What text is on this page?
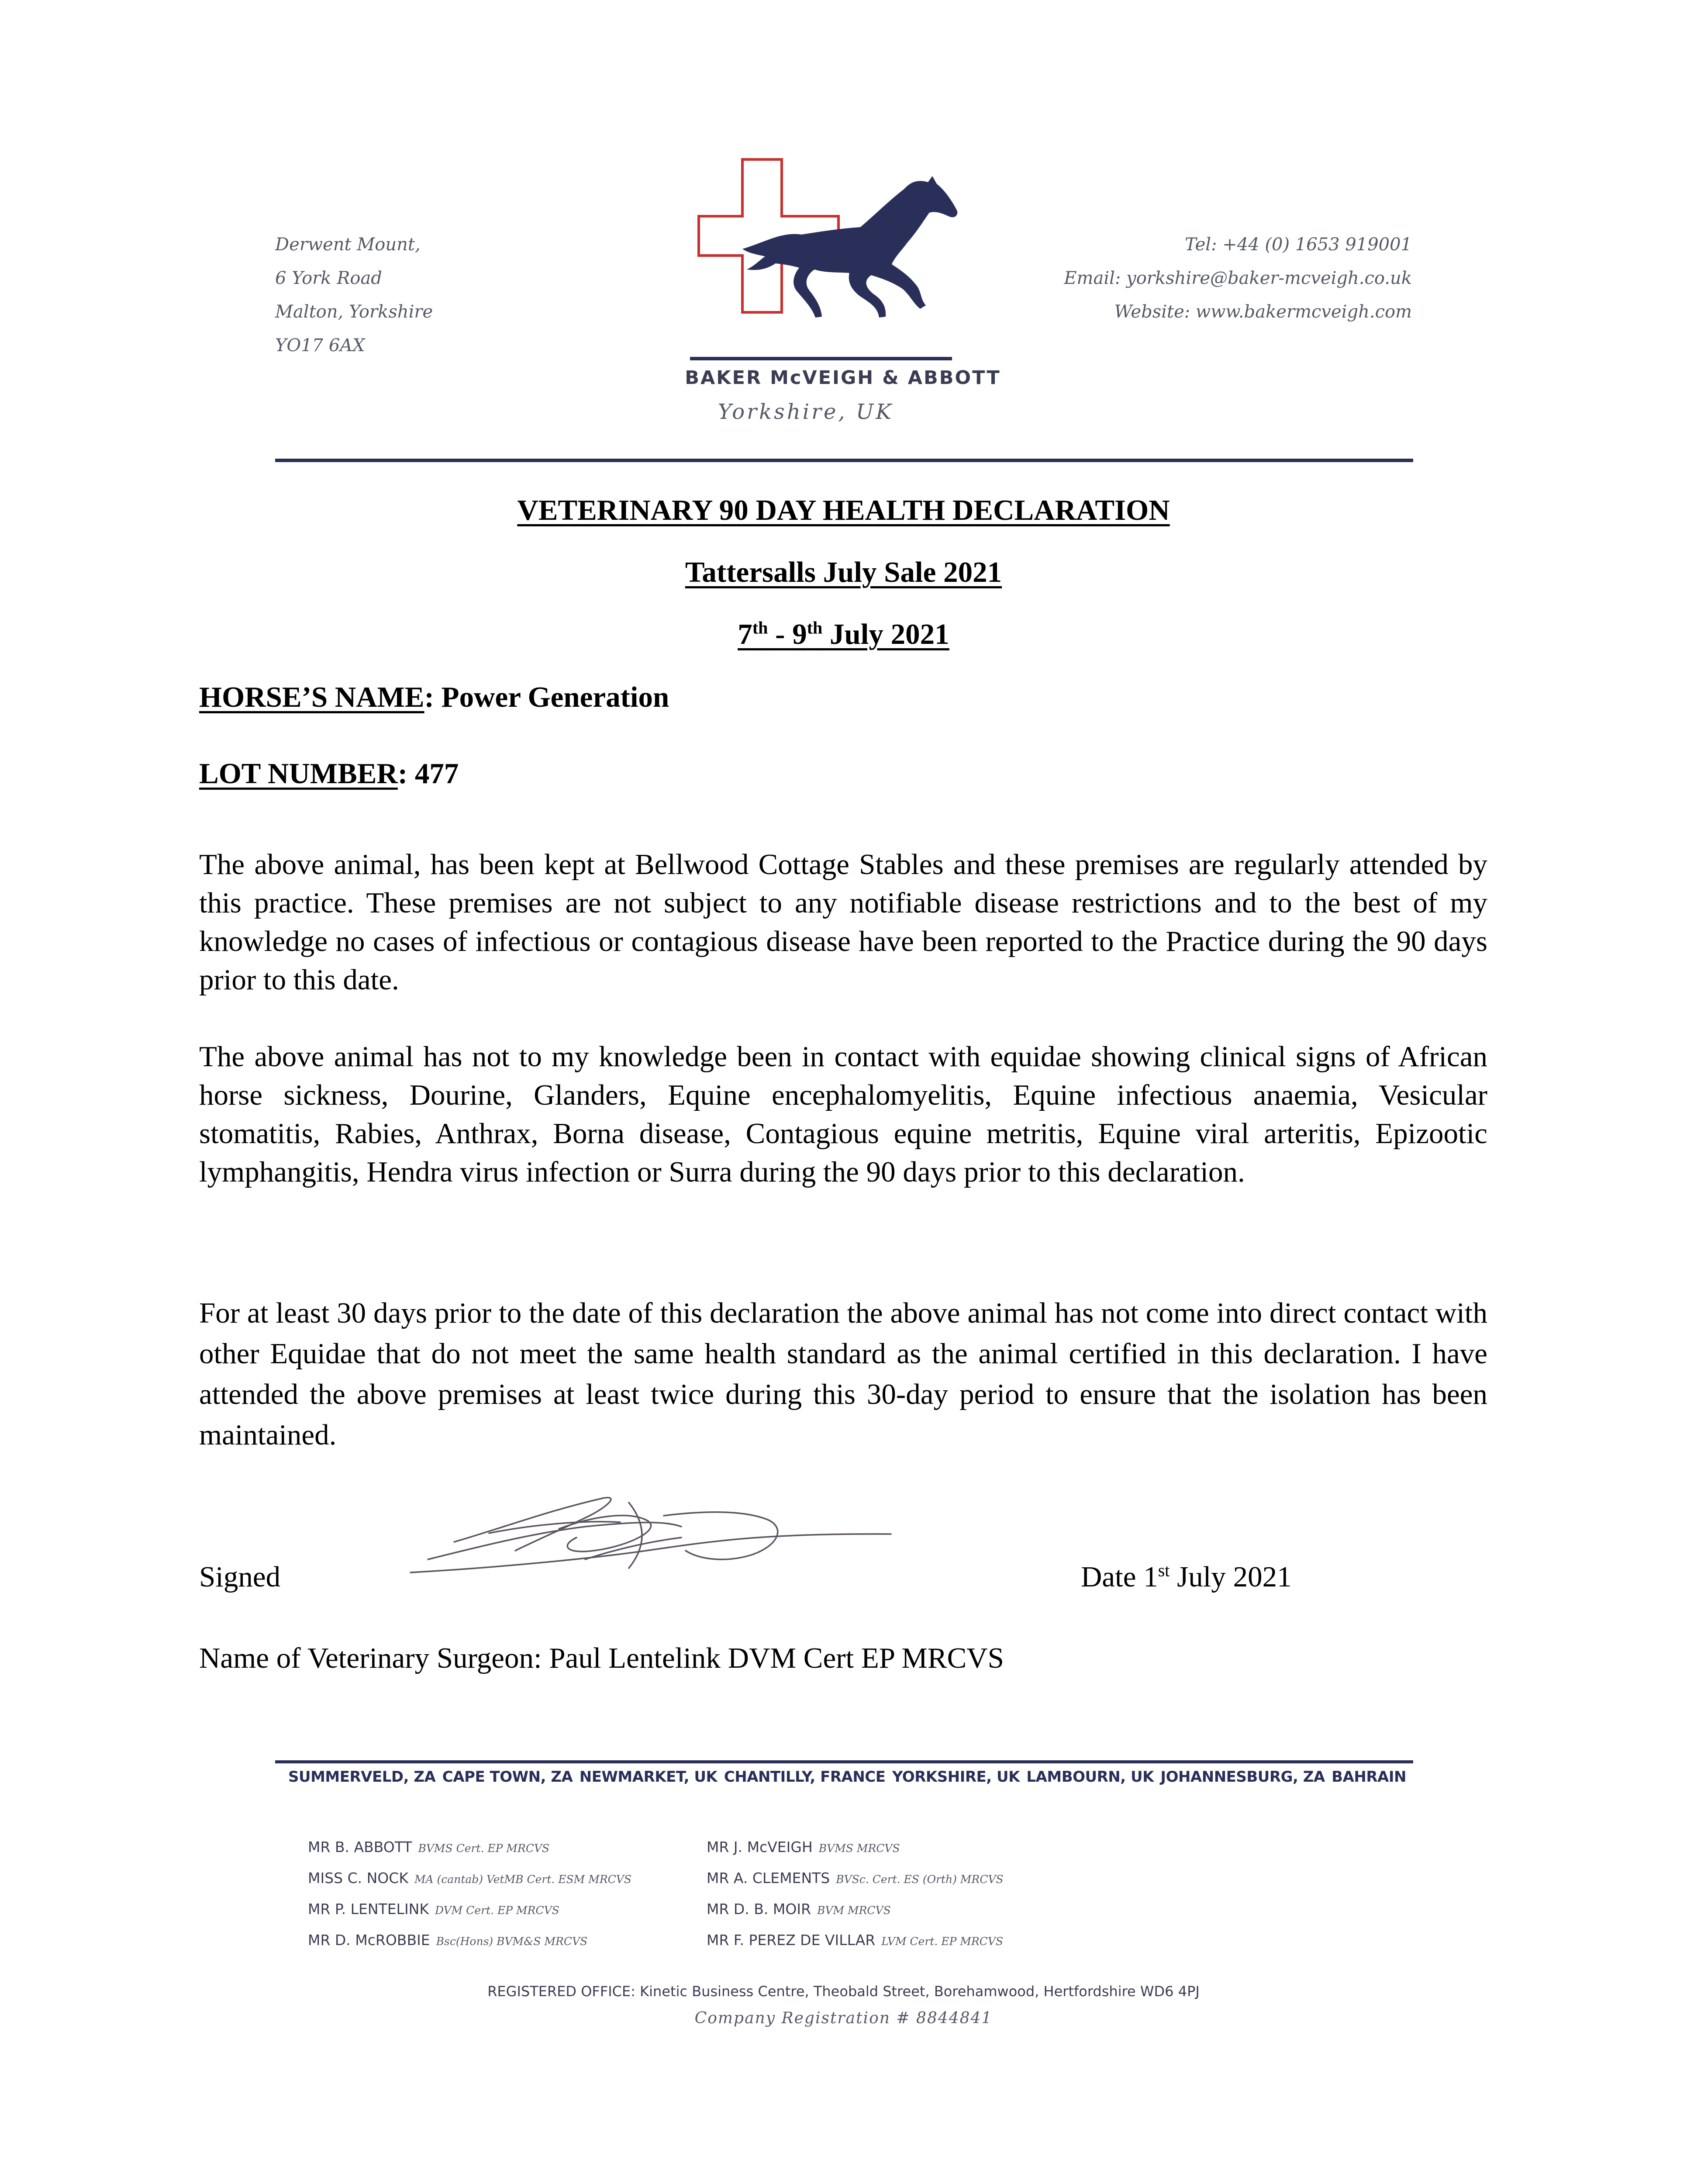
Derwent Mount,
6 York Road
Malton, Yorkshire
YO17 6AX
Tel: +44 (0) 1653 919001
Email: yorkshire@baker-mcveigh.co.uk
Website: www.bakermcveigh.com
BAKER McVEIGH & ABBOTT
Yorkshire, UK
VETERINARY 90 DAY HEALTH DECLARATION
Tattersalls July Sale 2021
7th - 9th July 2021
HORSE’S NAME: Power Generation
LOT NUMBER: 477
The above animal, has been kept at Bellwood Cottage Stables and these premises are regularly attended by this practice. These premises are not subject to any notifiable disease restrictions and to the best of my knowledge no cases of infectious or contagious disease have been reported to the Practice during the 90 days prior to this date.
The above animal has not to my knowledge been in contact with equidae showing clinical signs of African horse sickness, Dourine, Glanders, Equine encephalomyelitis, Equine infectious anaemia, Vesicular stomatitis, Rabies, Anthrax, Borna disease, Contagious equine metritis, Equine viral arteritis, Epizootic lymphangitis, Hendra virus infection or Surra during the 90 days prior to this declaration.
For at least 30 days prior to the date of this declaration the above animal has not come into direct contact with other Equidae that do not meet the same health standard as the animal certified in this declaration. I have attended the above premises at least twice during this 30-day period to ensure that the isolation has been maintained.
Signed	Date 1st July 2021
Name of Veterinary Surgeon: Paul Lentelink DVM Cert EP MRCVS
SUMMERVELD, ZA CAPE TOWN, ZA NEWMARKET, UK CHANTILLY, FRANCE YORKSHIRE, UK LAMBOURN, UK JOHANNESBURG, ZA BAHRAIN
MR B. ABBOTT BVMS Cert. EP MRCVS
MISS C. NOCK MA (cantab) VetMB Cert. ESM MRCVS
MR P. LENTELINK DVM Cert. EP MRCVS
MR D. McROBBIE Bsc(Hons) BVM&S MRCVS
MR J. McVEIGH BVMS MRCVS
MR A. CLEMENTS BVSc. Cert. ES (Orth) MRCVS
MR D. B. MOIR BVM MRCVS
MR F. PEREZ DE VILLAR LVM Cert. EP MRCVS
REGISTERED OFFICE: Kinetic Business Centre, Theobald Street, Borehamwood, Hertfordshire WD6 4PJ
Company Registration # 8844841
